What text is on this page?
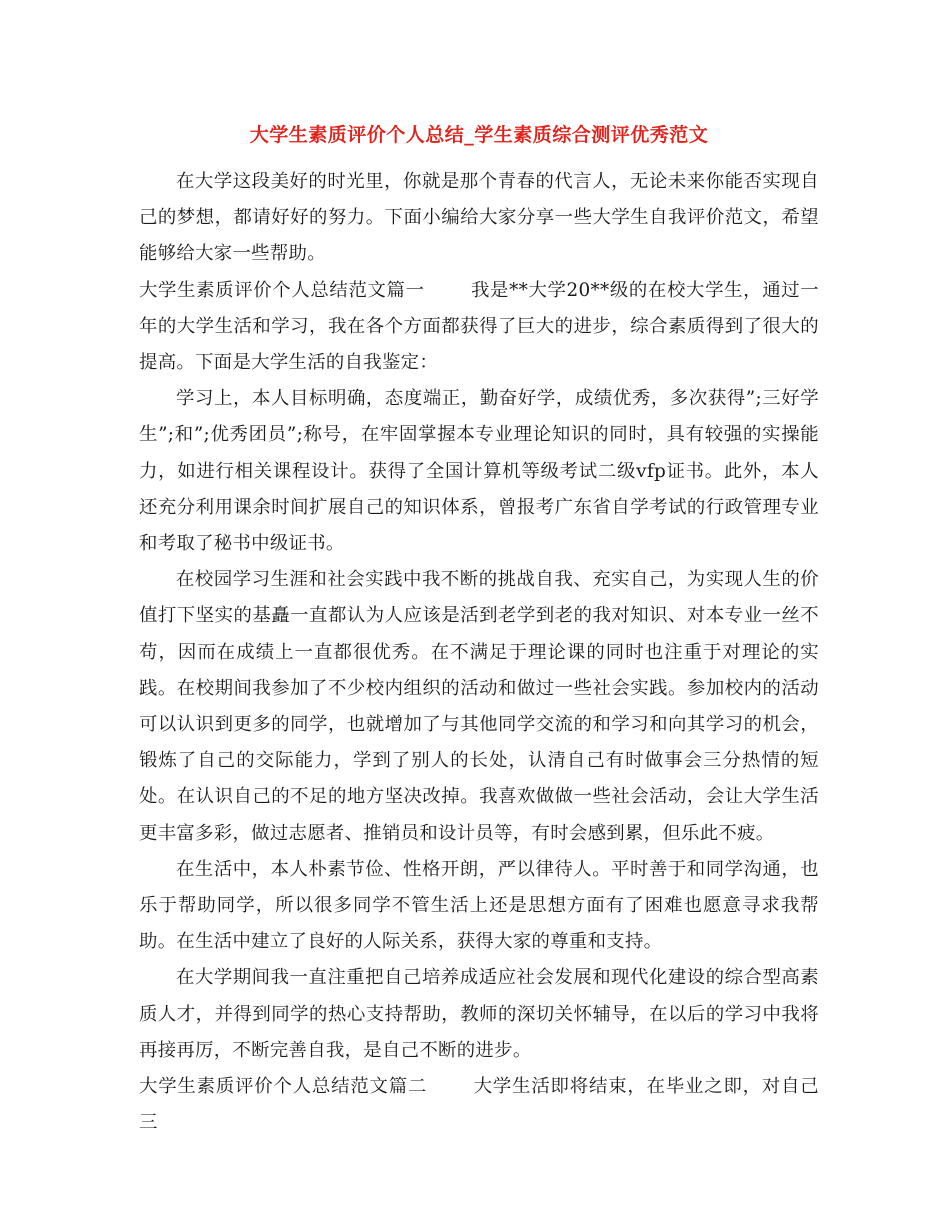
大学生素质评价个人总结_学生素质综合测评优秀范文

在大学这段美好的时光里，你就是那个青春的代言人，无论未来你能否实现自己的梦想，都请好好的努力。下面小编给大家分享一些大学生自我评价范文，希望能够给大家一些帮助。

大学生素质评价个人总结范文篇一	我是**大学20**级的在校大学生，通过一年的大学生活和学习，我在各个方面都获得了巨大的进步，综合素质得到了很大的提高。下面是大学生活的自我鉴定：

学习上，本人目标明确，态度端正，勤奋好学，成绩优秀，多次获得”;三好学生”;和”;优秀团员”;称号，在牢固掌握本专业理论知识的同时，具有较强的实操能力，如进行相关课程设计。获得了全国计算机等级考试二级vfp证书。此外，本人还充分利用课余时间扩展自己的知识体系，曾报考广东省自学考试的行政管理专业和考取了秘书中级证书。

在校园学习生涯和社会实践中我不断的挑战自我、充实自己，为实现人生的价值打下坚实的基矗一直都认为人应该是活到老学到老的我对知识、对本专业一丝不苟，因而在成绩上一直都很优秀。在不满足于理论课的同时也注重于对理论的实践。在校期间我参加了不少校内组织的活动和做过一些社会实践。参加校内的活动可以认识到更多的同学，也就增加了与其他同学交流的和学习和向其学习的机会，锻炼了自己的交际能力，学到了别人的长处，认清自己有时做事会三分热情的短处。在认识自己的不足的地方坚决改掉。我喜欢做做一些社会活动，会让大学生活更丰富多彩，做过志愿者、推销员和设计员等，有时会感到累，但乐此不疲。

在生活中，本人朴素节俭、性格开朗，严以律待人。平时善于和同学沟通，也乐于帮助同学，所以很多同学不管生活上还是思想方面有了困难也愿意寻求我帮助。在生活中建立了良好的人际关系，获得大家的尊重和支持。

在大学期间我一直注重把自己培养成适应社会发展和现代化建设的综合型高素质人才，并得到同学的热心支持帮助，教师的深切关怀辅导，在以后的学习中我将再接再厉，不断完善自我，是自己不断的进步。

大学生素质评价个人总结范文篇二	大学生活即将结束，在毕业之即，对自己三
